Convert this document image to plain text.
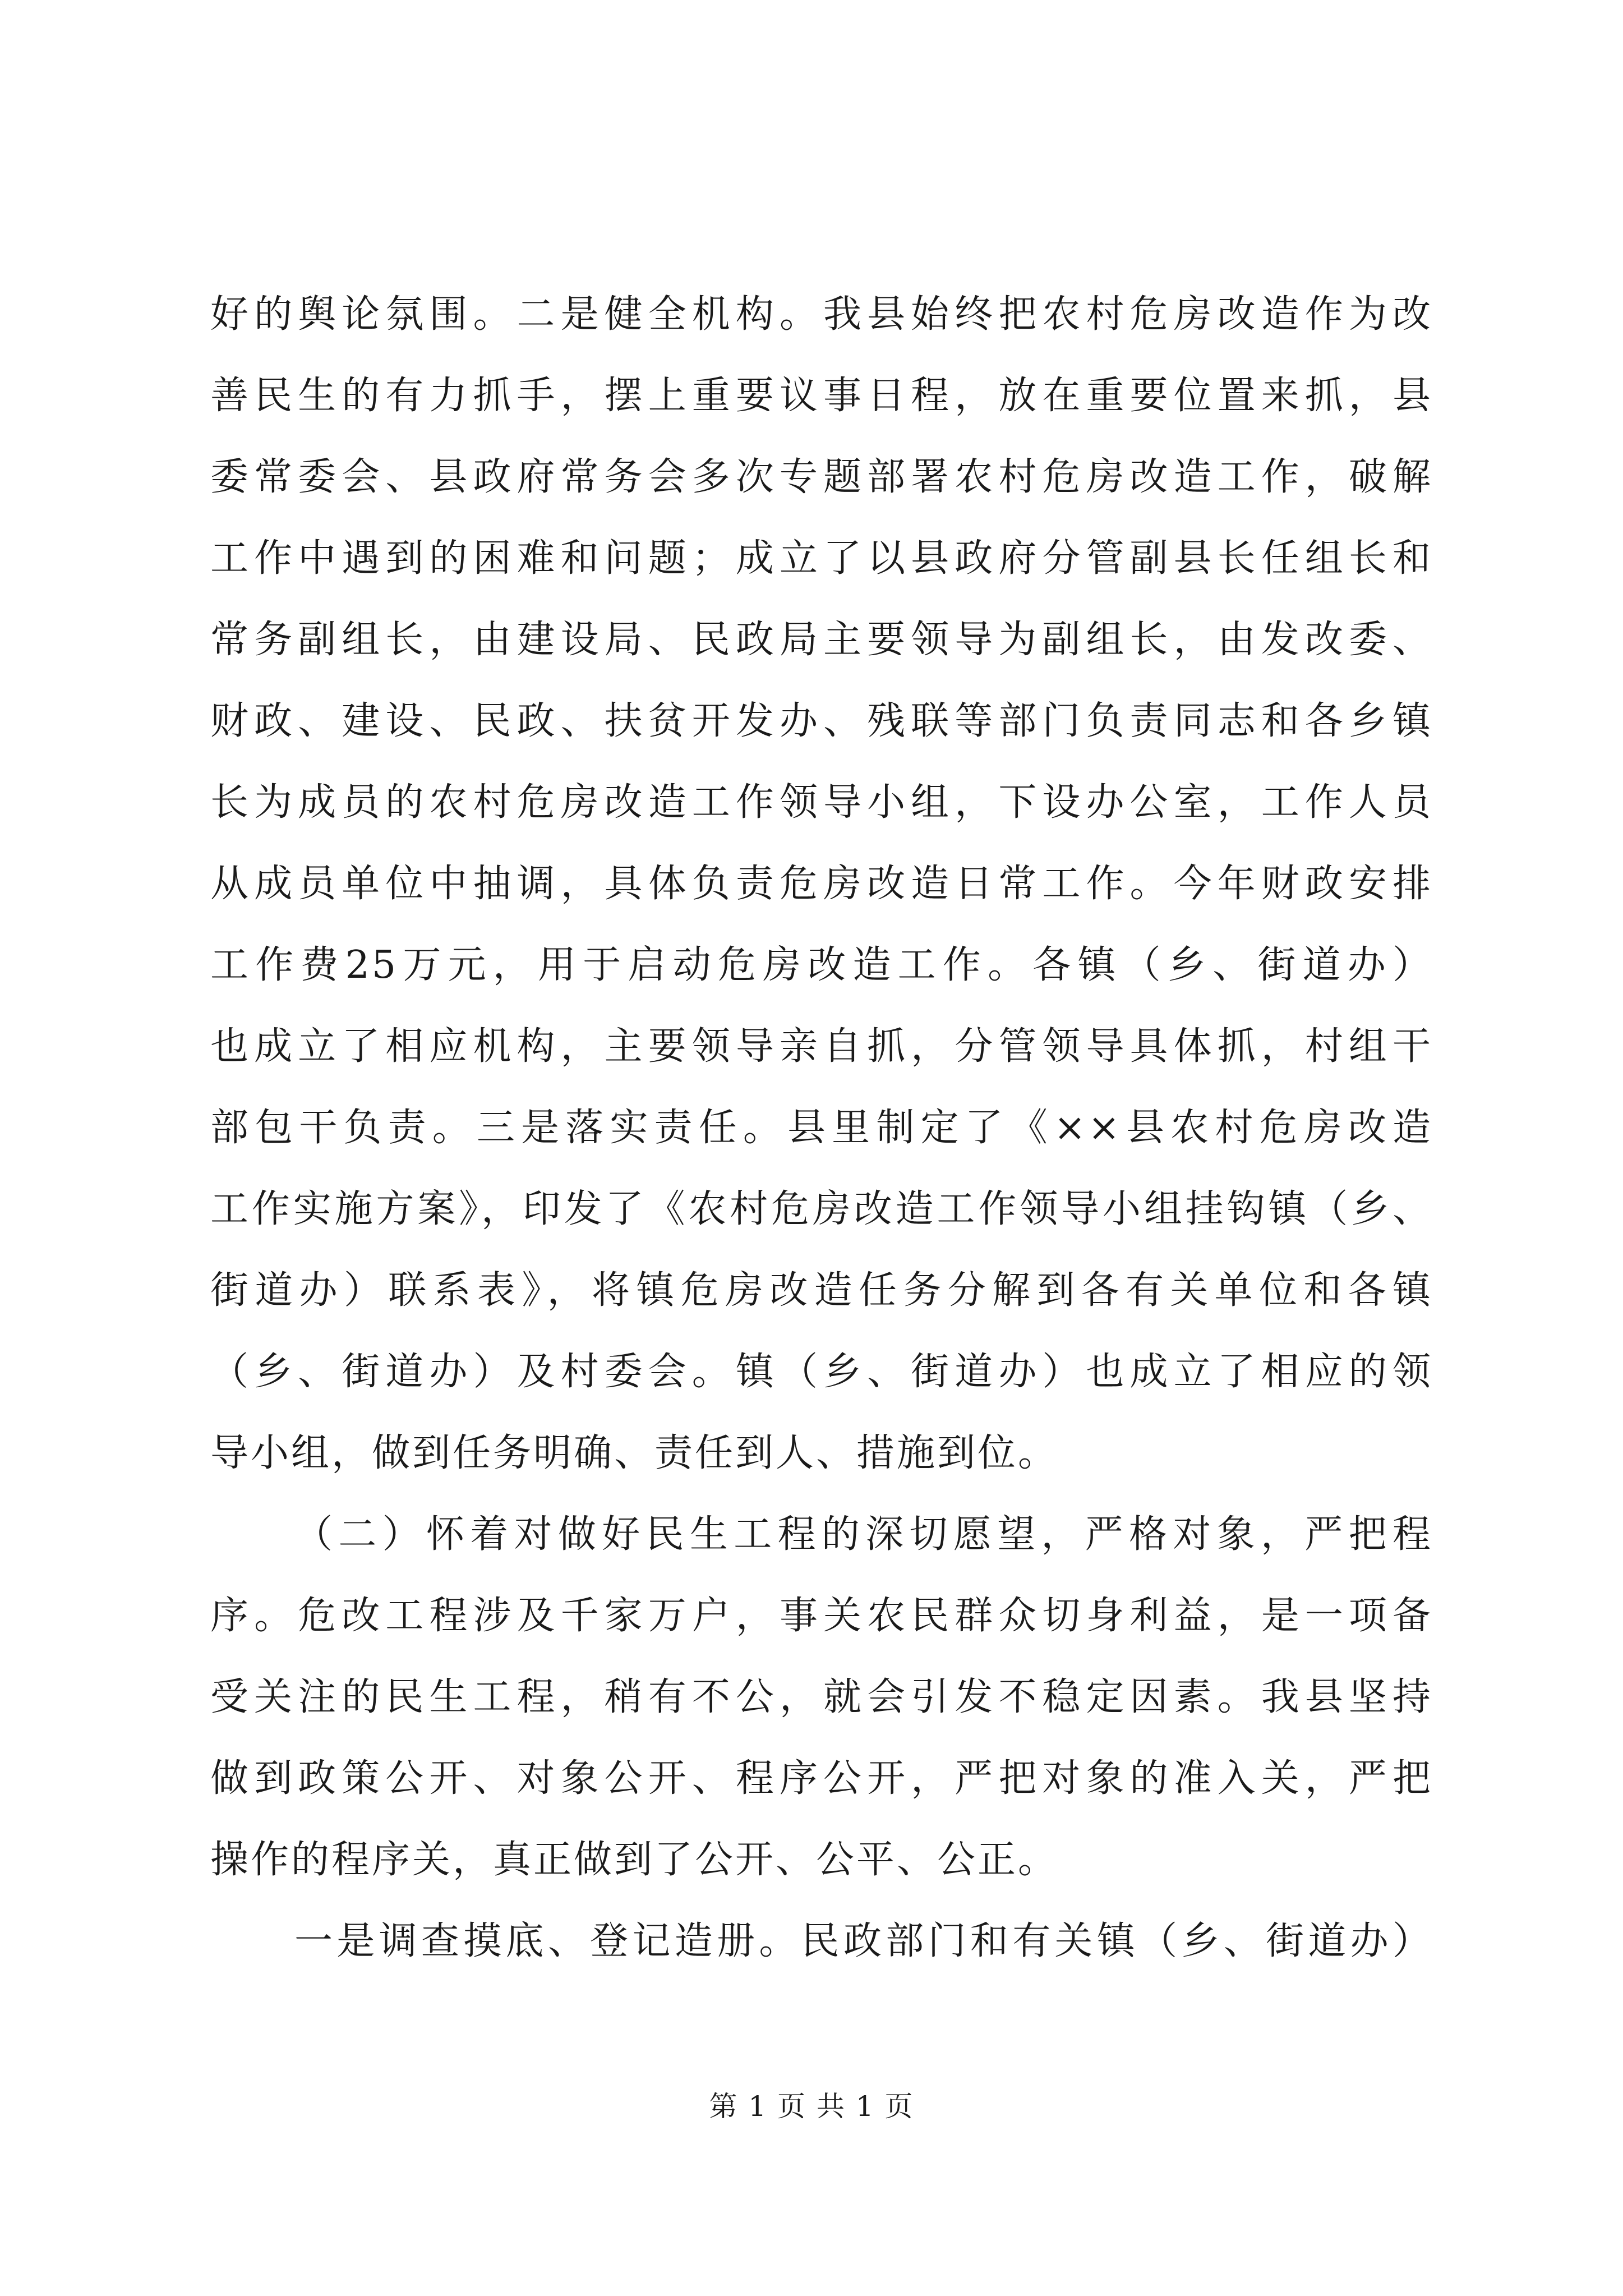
好的舆论氛围。二是健全机构。我县始终把农村危房改造作为改
善民生的有力抓手，摆上重要议事日程，放在重要位置来抓，县
委常委会、县政府常务会多次专题部署农村危房改造工作，破解
工作中遇到的困难和问题；成立了以县政府分管副县长任组长和
常务副组长，由建设局、民政局主要领导为副组长，由发改委、
财政、建设、民政、扶贫开发办、残联等部门负责同志和各乡镇
长为成员的农村危房改造工作领导小组，下设办公室，工作人员
从成员单位中抽调，具体负责危房改造日常工作。今年财政安排
工作费25万元，用于启动危房改造工作。各镇（乡、街道办）
也成立了相应机构，主要领导亲自抓，分管领导具体抓，村组干
部包干负责。三是落实责任。县里制定了《××县农村危房改造
工作实施方案》，印发了《农村危房改造工作领导小组挂钩镇（乡、
街道办）联系表》，将镇危房改造任务分解到各有关单位和各镇
（乡、街道办）及村委会。镇（乡、街道办）也成立了相应的领
导小组，做到任务明确、责任到人、措施到位。
（二）怀着对做好民生工程的深切愿望，严格对象，严把程
序。危改工程涉及千家万户，事关农民群众切身利益，是一项备
受关注的民生工程，稍有不公，就会引发不稳定因素。我县坚持
做到政策公开、对象公开、程序公开，严把对象的准入关，严把
操作的程序关，真正做到了公开、公平、公正。
一是调查摸底、登记造册。民政部门和有关镇（乡、街道办）
第 1 页 共 1 页
